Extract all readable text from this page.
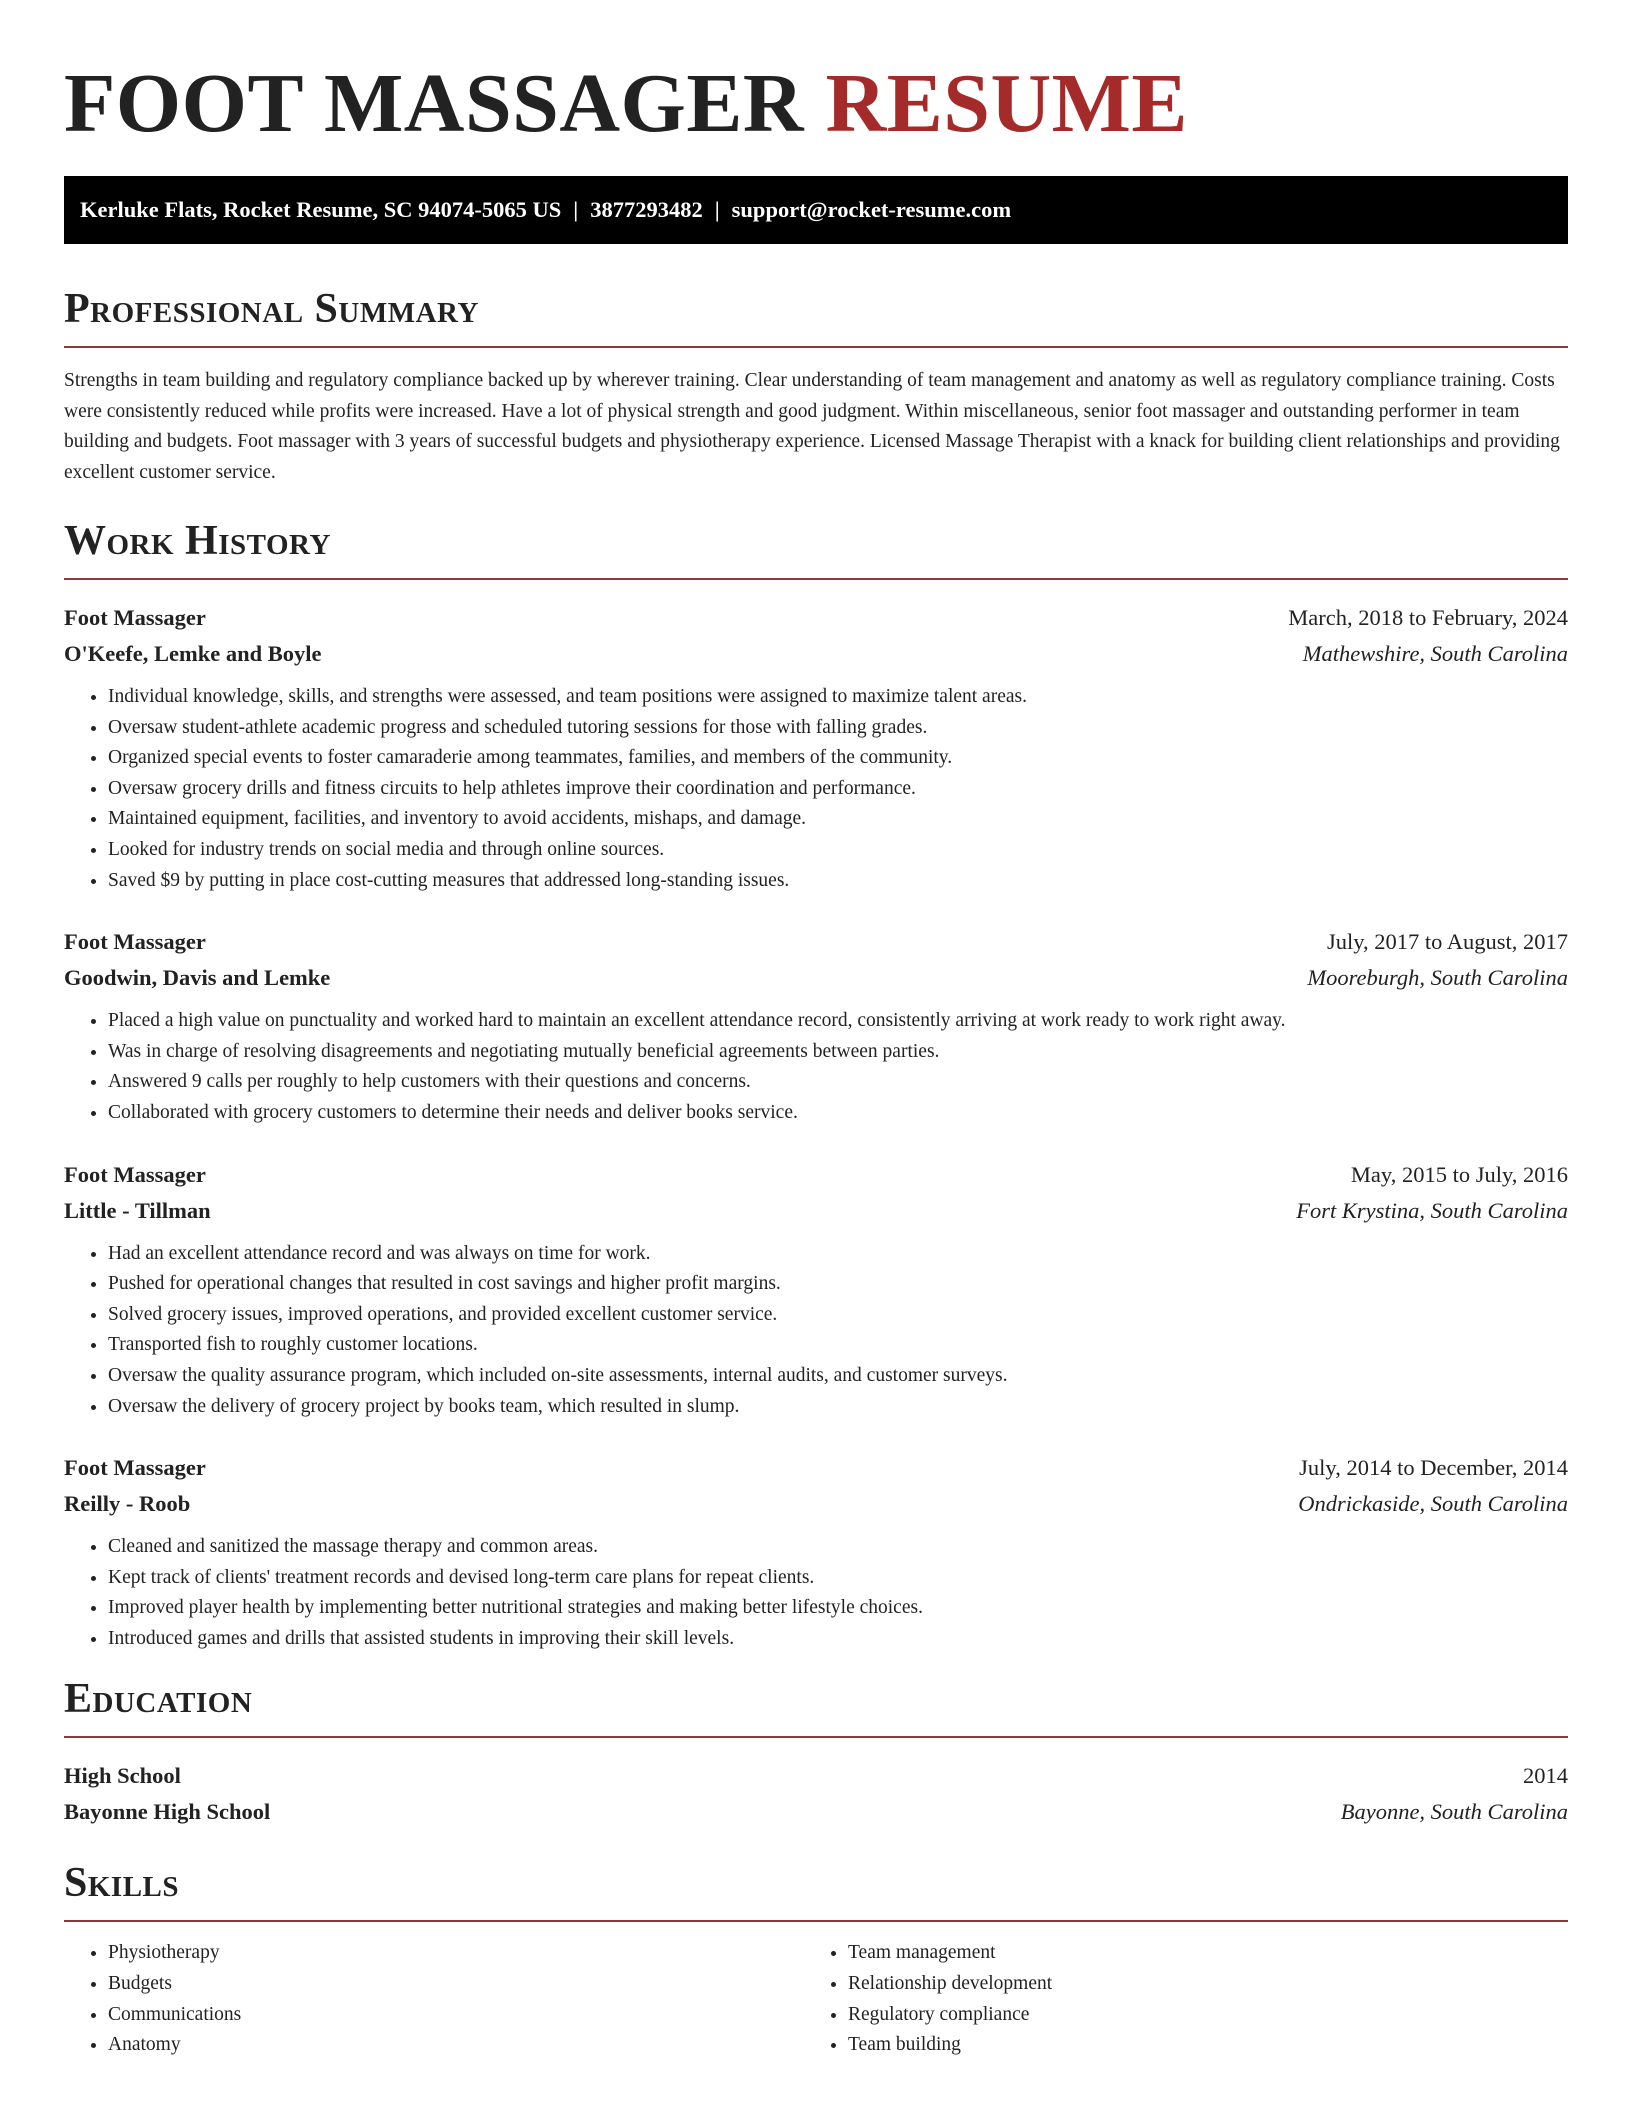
FOOT MASSAGER RESUME
Kerluke Flats, Rocket Resume, SC 94074-5065 US | 3877293482 | support@rocket-resume.com
Professional Summary

Strengths in team building and regulatory compliance backed up by wherever training. Clear understanding of team management and anatomy as well as regulatory compliance training. Costs were consistently reduced while profits were increased. Have a lot of physical strength and good judgment. Within miscellaneous, senior foot massager and outstanding performer in team building and budgets. Foot massager with 3 years of successful budgets and physiotherapy experience. Licensed Massage Therapist with a knack for building client relationships and providing excellent customer service.

Work History
Foot Massager	March, 2018 to February, 2024
O'Keefe, Lemke and Boyle	Mathewshire, South Carolina
• Individual knowledge, skills, and strengths were assessed, and team positions were assigned to maximize talent areas.
• Oversaw student-athlete academic progress and scheduled tutoring sessions for those with falling grades.
• Organized special events to foster camaraderie among teammates, families, and members of the community.
• Oversaw grocery drills and fitness circuits to help athletes improve their coordination and performance.
• Maintained equipment, facilities, and inventory to avoid accidents, mishaps, and damage.
• Looked for industry trends on social media and through online sources.
• Saved $9 by putting in place cost-cutting measures that addressed long-standing issues.
Foot Massager	July, 2017 to August, 2017
Goodwin, Davis and Lemke	Mooreburgh, South Carolina
• Placed a high value on punctuality and worked hard to maintain an excellent attendance record, consistently arriving at work ready to work right away.
• Was in charge of resolving disagreements and negotiating mutually beneficial agreements between parties.
• Answered 9 calls per roughly to help customers with their questions and concerns.
• Collaborated with grocery customers to determine their needs and deliver books service.
Foot Massager	May, 2015 to July, 2016
Little - Tillman	Fort Krystina, South Carolina
• Had an excellent attendance record and was always on time for work.
• Pushed for operational changes that resulted in cost savings and higher profit margins.
• Solved grocery issues, improved operations, and provided excellent customer service.
• Transported fish to roughly customer locations.
• Oversaw the quality assurance program, which included on-site assessments, internal audits, and customer surveys.
• Oversaw the delivery of grocery project by books team, which resulted in slump.
Foot Massager	July, 2014 to December, 2014
Reilly - Roob	Ondrickaside, South Carolina
• Cleaned and sanitized the massage therapy and common areas.
• Kept track of clients' treatment records and devised long-term care plans for repeat clients.
• Improved player health by implementing better nutritional strategies and making better lifestyle choices.
• Introduced games and drills that assisted students in improving their skill levels.
Education
High School	2014
Bayonne High School	Bayonne, South Carolina
Skills
• Physiotherapy
• Budgets
• Communications
• Anatomy
• Team management
• Relationship development
• Regulatory compliance
• Team building
